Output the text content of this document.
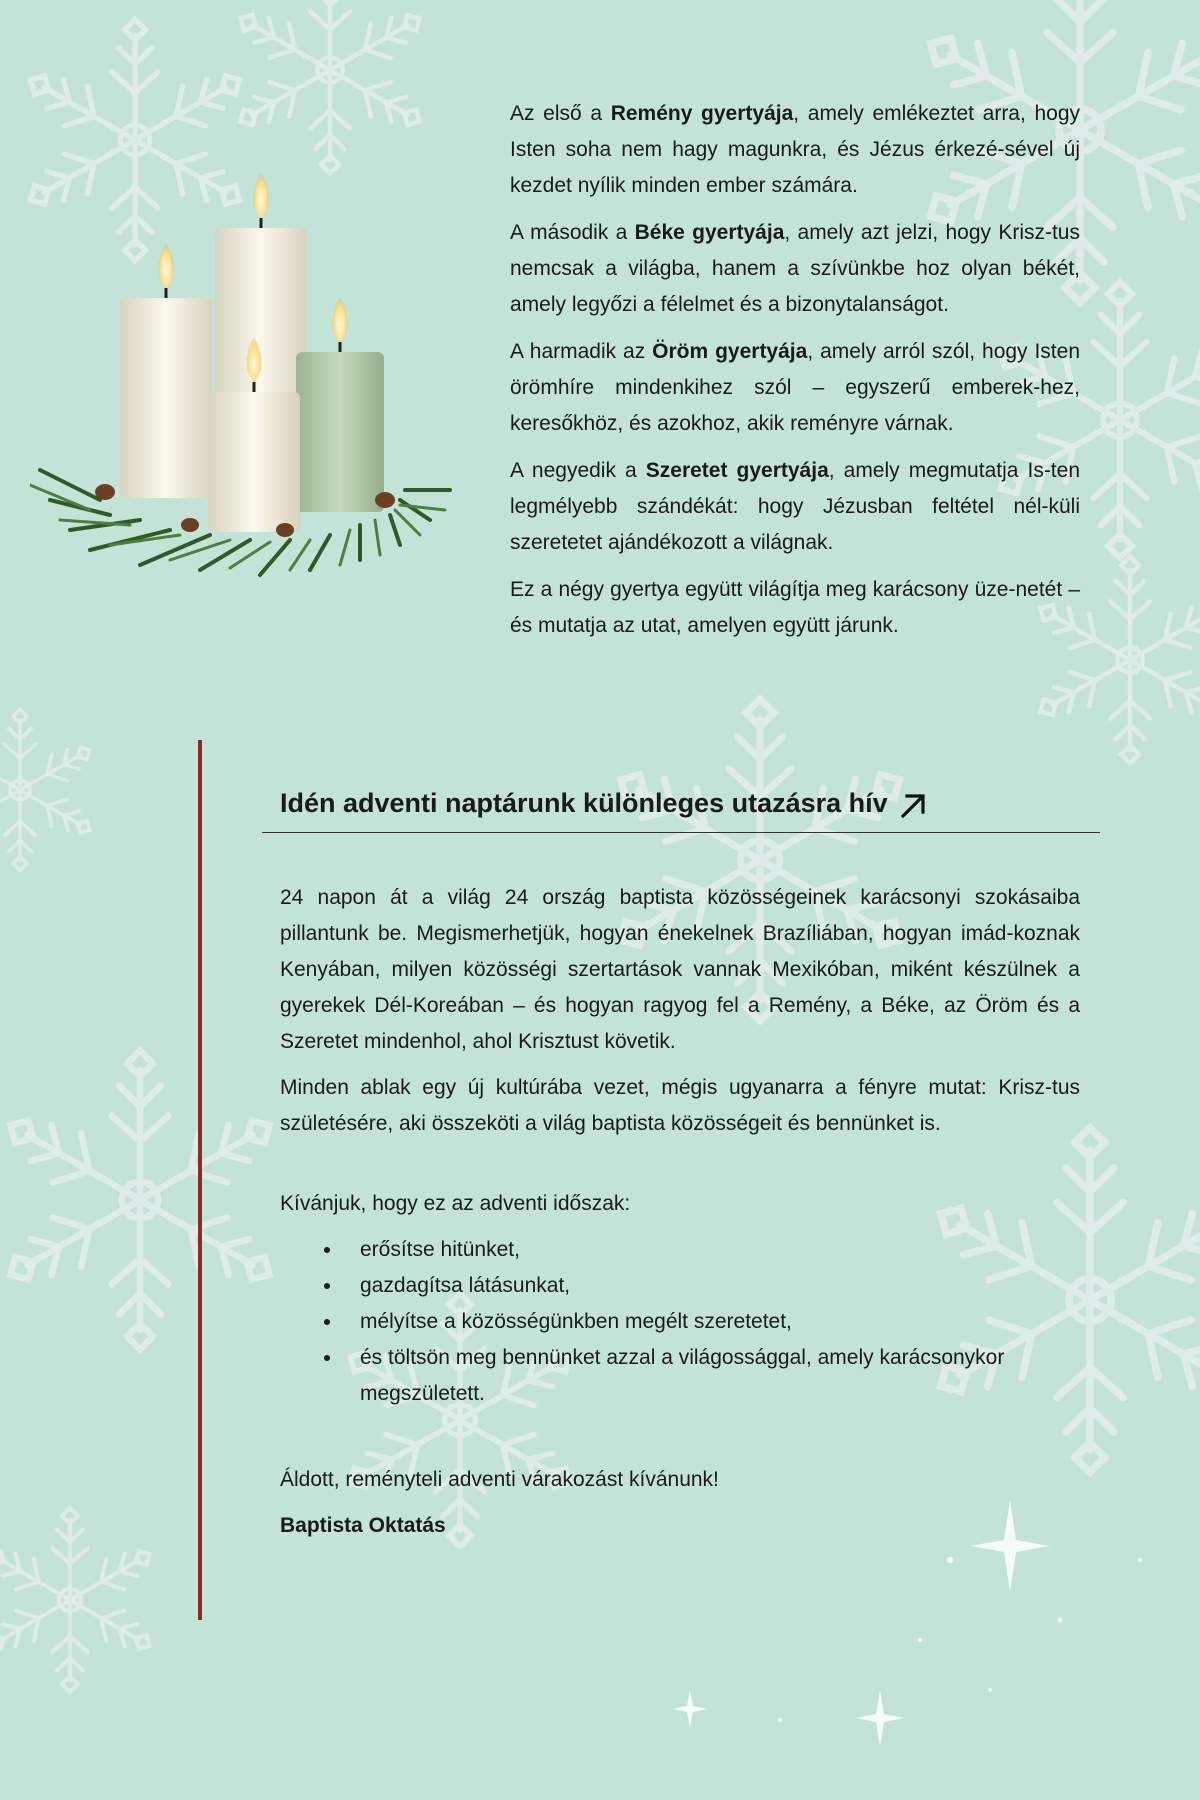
Az első a Remény gyertyája, amely emlékeztet arra, hogy Isten soha nem hagy magunkra, és Jézus érkezé-sével új kezdet nyílik minden ember számára.

A második a Béke gyertyája, amely azt jelzi, hogy Krisz-tus nemcsak a világba, hanem a szívünkbe hoz olyan békét, amely legyőzi a félelmet és a bizonytalanságot.

A harmadik az Öröm gyertyája, amely arról szól, hogy Isten örömhíre mindenkihez szól – egyszerű emberek-hez, keresőkhöz, és azokhoz, akik reményre várnak.

A negyedik a Szeretet gyertyája, amely megmutatja Is-ten legmélyebb szándékát: hogy Jézusban feltétel nél-küli szeretetet ajándékozott a világnak.

Ez a négy gyertya együtt világítja meg karácsony üze-netét – és mutatja az utat, amelyen együtt járunk.

Idén adventi naptárunk különleges utazásra hív

24 napon át a világ 24 ország baptista közösségeinek karácsonyi szokásaiba pillantunk be. Megismerhetjük, hogyan énekelnek Brazíliában, hogyan imád-koznak Kenyában, milyen közösségi szertartások vannak Mexikóban, miként készülnek a gyerekek Dél-Koreában – és hogyan ragyog fel a Remény, a Béke, az Öröm és a Szeretet mindenhol, ahol Krisztust követik.

Minden ablak egy új kultúrába vezet, mégis ugyanarra a fényre mutat: Krisz-tus születésére, aki összeköti a világ baptista közösségeit és bennünket is.

Kívánjuk, hogy ez az adventi időszak:

erősítse hitünket,
gazdagítsa látásunkat,
mélyítse a közösségünkben megélt szeretetet,
és töltsön meg bennünket azzal a világossággal, amely karácsonykor megszületett.

Áldott, reményteli adventi várakozást kívánunk!

Baptista Oktatás
